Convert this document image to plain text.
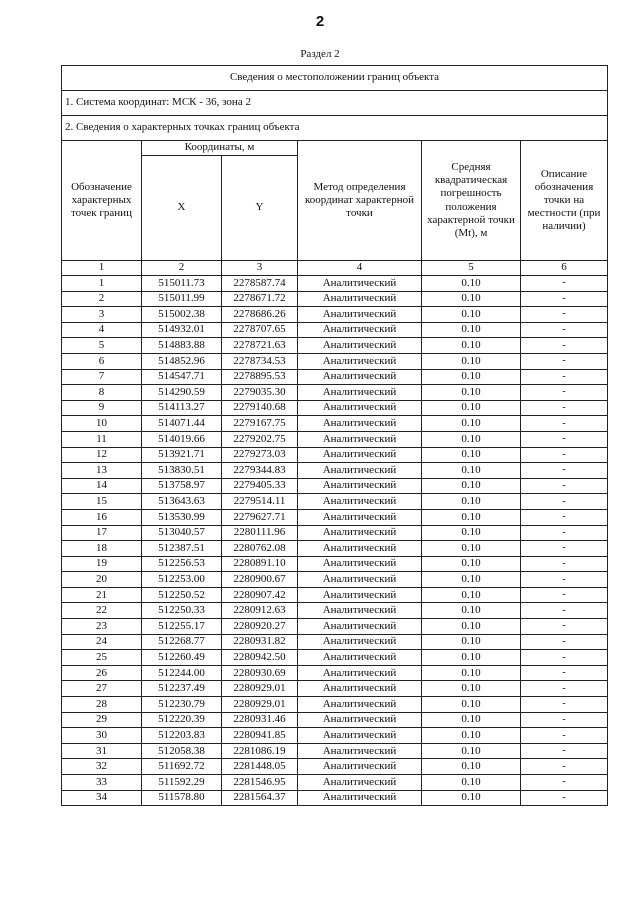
2
Раздел 2
Сведения о местоположении границ объекта					
1. Система координат: МСК - 36, зона 2					
2. Сведения о характерных точках границ объекта					
Обозначение характерных точек границ	Координаты, м		Метод определения координат характерной точки	Средняя квадратическая погрешность положения характерной точки (Mt), м	Описание обозначения точки на местности (при наличии)
	X	Y			
1	2	3	4	5	6
1	515011.73	2278587.74	Аналитический	0.10	-
2	515011.99	2278671.72	Аналитический	0.10	-
3	515002.38	2278686.26	Аналитический	0.10	-
4	514932.01	2278707.65	Аналитический	0.10	-
5	514883.88	2278721.63	Аналитический	0.10	-
6	514852.96	2278734.53	Аналитический	0.10	-
7	514547.71	2278895.53	Аналитический	0.10	-
8	514290.59	2279035.30	Аналитический	0.10	-
9	514113.27	2279140.68	Аналитический	0.10	-
10	514071.44	2279167.75	Аналитический	0.10	-
11	514019.66	2279202.75	Аналитический	0.10	-
12	513921.71	2279273.03	Аналитический	0.10	-
13	513830.51	2279344.83	Аналитический	0.10	-
14	513758.97	2279405.33	Аналитический	0.10	-
15	513643.63	2279514.11	Аналитический	0.10	-
16	513530.99	2279627.71	Аналитический	0.10	-
17	513040.57	2280111.96	Аналитический	0.10	-
18	512387.51	2280762.08	Аналитический	0.10	-
19	512256.53	2280891.10	Аналитический	0.10	-
20	512253.00	2280900.67	Аналитический	0.10	-
21	512250.52	2280907.42	Аналитический	0.10	-
22	512250.33	2280912.63	Аналитический	0.10	-
23	512255.17	2280920.27	Аналитический	0.10	-
24	512268.77	2280931.82	Аналитический	0.10	-
25	512260.49	2280942.50	Аналитический	0.10	-
26	512244.00	2280930.69	Аналитический	0.10	-
27	512237.49	2280929.01	Аналитический	0.10	-
28	512230.79	2280929.01	Аналитический	0.10	-
29	512220.39	2280931.46	Аналитический	0.10	-
30	512203.83	2280941.85	Аналитический	0.10	-
31	512058.38	2281086.19	Аналитический	0.10	-
32	511692.72	2281448.05	Аналитический	0.10	-
33	511592.29	2281546.95	Аналитический	0.10	-
34	511578.80	2281564.37	Аналитический	0.10	-
